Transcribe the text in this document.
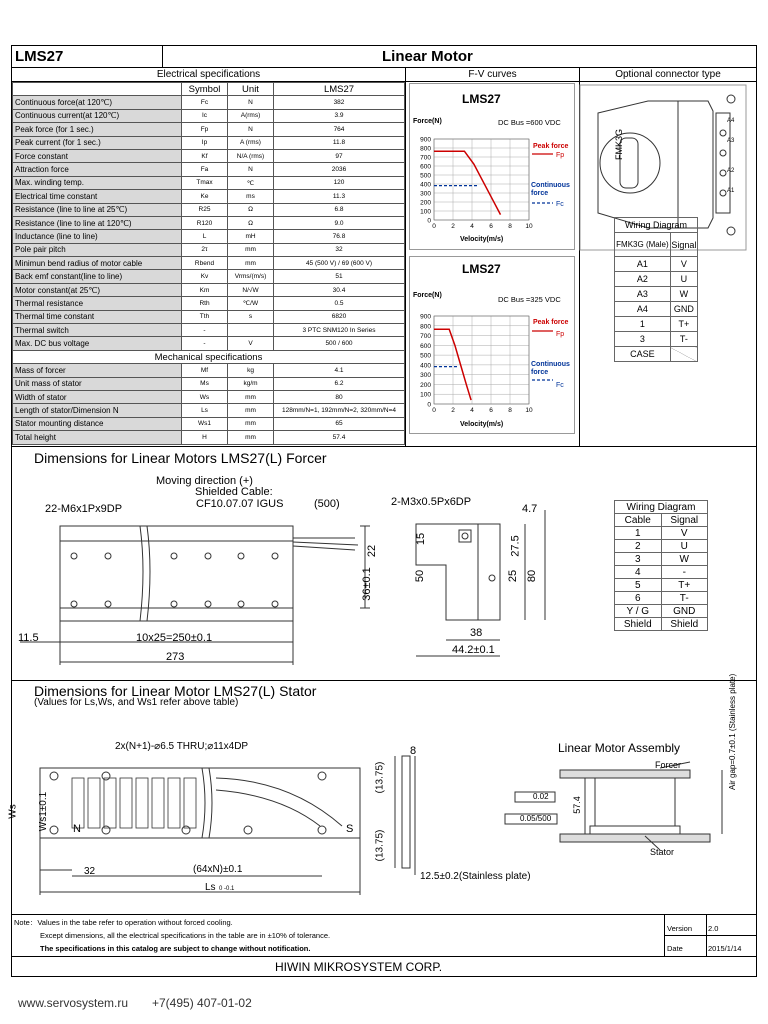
LMS27	Linear Motor
Electrical specifications	F-V curves	Optional connector type
	Symbol	Unit	LMS27
Continuous force(at 120℃)	Fc	N	382
Continuous current(at 120℃)	Ic	A(rms)	3.9
Peak force (for 1 sec.)	Fp	N	764
Peak current (for 1 sec.)	Ip	A (rms)	11.8
Force constant	Kf	N/A (rms)	97
Attraction force	Fa	N	2036
Max. winding temp.	Tmax	℃	120
Electrical time constant	Ke	ms	11.3
Resistance (line to line at 25℃)	R25	Ω	6.8
Resistance (line to line at 120℃)	R120	Ω	9.0
Inductance (line to line)	L	mH	76.8
Pole pair pitch	2τ	mm	32
Minimun bend radius of motor cable	Rbend	mm	45 (500 V) / 69 (600 V)
Back emf constant(line to line)	Kv	Vrms/(m/s)	51
Motor constant(at 25℃)	Km	N/√W	30.4
Thermal resistance	Rth	℃/W	0.5
Thermal time constant	Tth	s	6820
Thermal switch	-		3 PTC SNM120 In Series
Max. DC bus voltage	-	V	500 / 600
Mechanical specifications			
Mass of forcer	Mf	kg	4.1
Unit mass of stator	Ms	kg/m	6.2
Width of stator	Ws	mm	80
Length of stator/Dimension N	Ls	mm	128mm/N=1, 192mm/N=2, 320mm/N=4
Stator mounting distance	Ws1	mm	65
Total height	H	mm	57.4
LMS27
Force(N)	DC Bus =600 VDC
Velocity(m/s)
Peak force
Fp
Continuous force
Fc
0
100
200
300
400
500
600
700
800
900
0 2 4 6 8 10
LMS27
Force(N)	DC Bus =325 VDC
Velocity(m/s)
Peak force
Fp
Continuous force
Fc
0
100
200
300
400
500
600
700
800
900
0 2 4 6 8 10
A4
A3
A2
A1
FMK3G
Wiring Diagram	
FMK3G (Male)	Signal
A1	V
A2	U
A3	W
A4	GND
1	T+
3	T-
CASE	
Dimensions for Linear Motors LMS27(L) Forcer
Moving direction (+)
Shielded Cable:
CF10.07.07 IGUS	(500)
22-M6x1Px9DP
2-M3x0.5Px6DP
4.7
11.5	10x25=250±0.1
273
22
36±0.1
15
50
27.5
25 80
38
44.2±0.1
Wiring Diagram	
Cable	Signal
1	V
2	U
3	W
4	-
5	T+
6	T-
Y / G	GND
Shield	Shield
Dimensions for Linear Motor LMS27(L) Stator
(Values for Ls,Ws, and Ws1 refer above table)
2x(N+1)-⌀6.5 THRU;⌀11x4DP	8	Linear Motor Assembly
(13.75)
(13.75)
32	(64xN)±0.1
Ls 0 -0.1
Ws Ws1±0.1 N	S
12.5±0.2(Stainless plate)
Forcer
Stator
0.02
0.05/500
57.4
Air gap=0.7±0.1 (Stainless plate)
Note：Values in the tabe refer to operation without forced cooling.
Except dimensions, all the electrical specifications in the table are in ±10% of tolerance.
The specifications in this catalog are subject to change without notification.
Version 2.0
Date	2015/1/14
HIWIN MIKROSYSTEM CORP.
www.servosystem.ru +7(495) 407-01-02
